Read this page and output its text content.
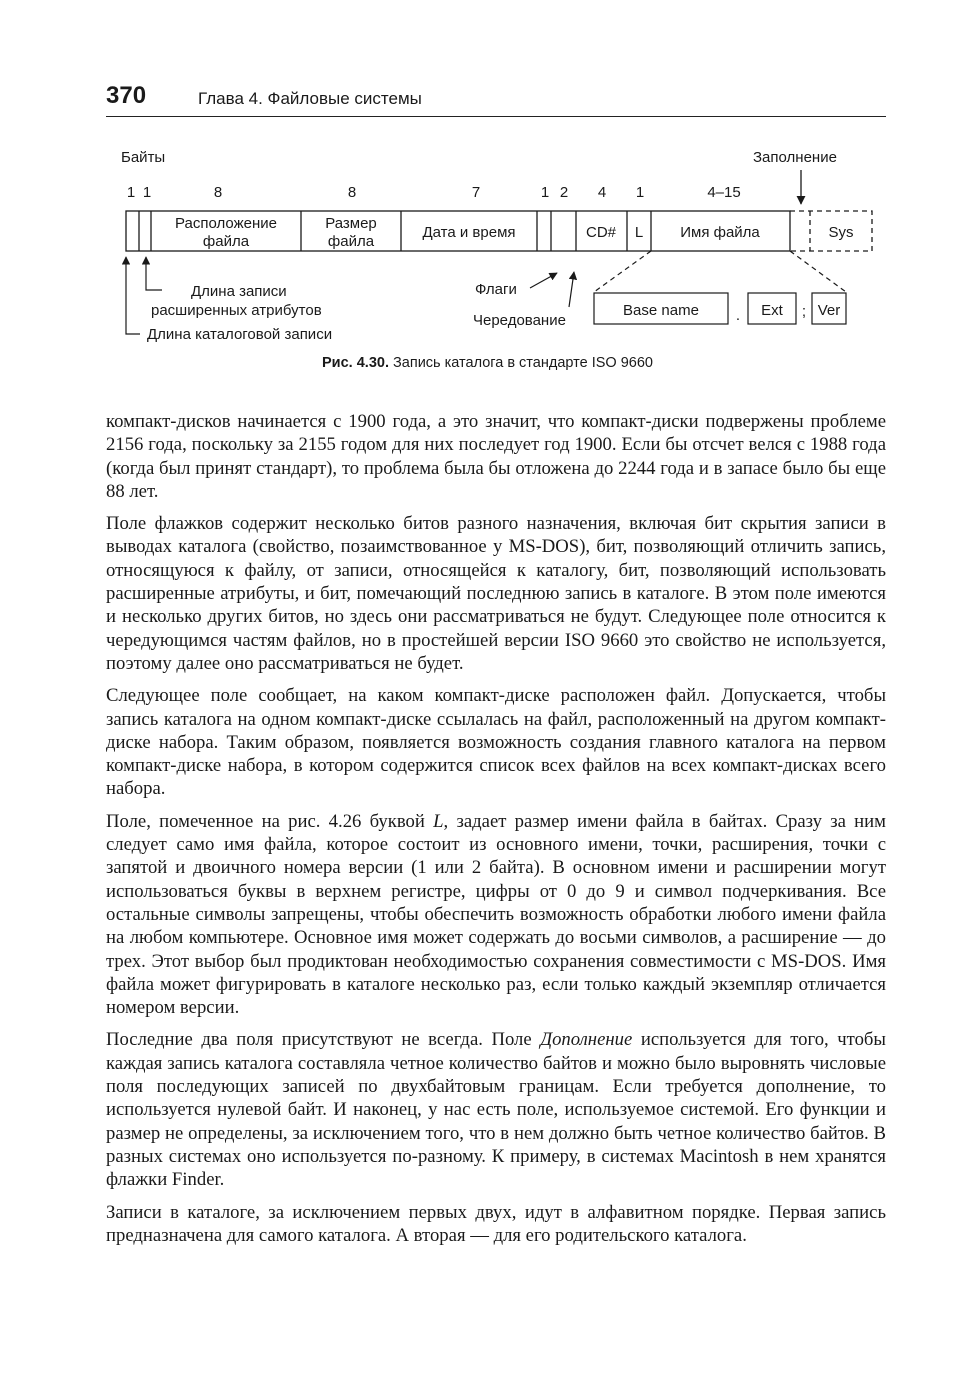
370	Глава 4. Файловые системы
Байты	Заполнение
1 1	8	8	7	1 2 4 1	4–15
Расположение
файла
Размер
файла
Дата и время	CD# L Имя файла	Sys
Base name . Ext ; Ver
Длина записи
расширенных атрибутов
Длина каталоговой записи
Флаги
Чередование
Рис. 4.30. Запись каталога в стандарте ISO 9660

компакт-дисков начинается с 1900 года, а это значит, что компакт-диски подвержены проблеме 2156 года, поскольку за 2155 годом для них последует год 1900. Если бы отсчет велся с 1988 года (когда был принят стандарт), то проблема была бы отложена до 2244 года и в запасе было бы еще 88 лет.

Поле флажков содержит несколько битов разного назначения, включая бит скрытия записи в выводах каталога (свойство, позаимствованное у MS-DOS), бит, позволяющий отличить запись, относящуюся к файлу, от записи, относящейся к каталогу, бит, позволяющий использовать расширенные атрибуты, и бит, помечающий последнюю запись в каталоге. В этом поле имеются и несколько других битов, но здесь они рассматриваться не будут. Следующее поле относится к чередующимся частям файлов, но в простейшей версии ISO 9660 это свойство не используется, поэтому далее оно рассматриваться не будет.

Следующее поле сообщает, на каком компакт-диске расположен файл. Допускается, чтобы запись каталога на одном компакт-диске ссылалась на файл, расположенный на другом компакт-диске набора. Таким образом, появляется возможность создания главного каталога на первом компакт-диске набора, в котором содержится список всех файлов на всех компакт-дисках всего набора.

Поле, помеченное на рис. 4.26 буквой L, задает размер имени файла в байтах. Сразу за ним следует само имя файла, которое состоит из основного имени, точки, расширения, точки с запятой и двоичного номера версии (1 или 2 байта). В основном имени и расширении могут использоваться буквы в верхнем регистре, цифры от 0 до 9 и символ подчеркивания. Все остальные символы запрещены, чтобы обеспечить возможность обработки любого имени файла на любом компьютере. Основное имя может содержать до восьми символов, а расширение — до трех. Этот выбор был продиктован необходимостью сохранения совместимости с MS-DOS. Имя файла может фигурировать в каталоге несколько раз, если только каждый экземпляр отличается номером версии.

Последние два поля присутствуют не всегда. Поле Дополнение используется для того, чтобы каждая запись каталога составляла четное количество байтов и можно было выровнять числовые поля последующих записей по двухбайтовым границам. Если требуется дополнение, то используется нулевой байт. И наконец, у нас есть поле, используемое системой. Его функции и размер не определены, за исключением того, что в нем должно быть четное количество байтов. В разных системах оно используется по-разному. К примеру, в системах Macintosh в нем хранятся флажки Finder.

Записи в каталоге, за исключением первых двух, идут в алфавитном порядке. Первая запись предназначена для самого каталога. А вторая — для его родительского каталога.
